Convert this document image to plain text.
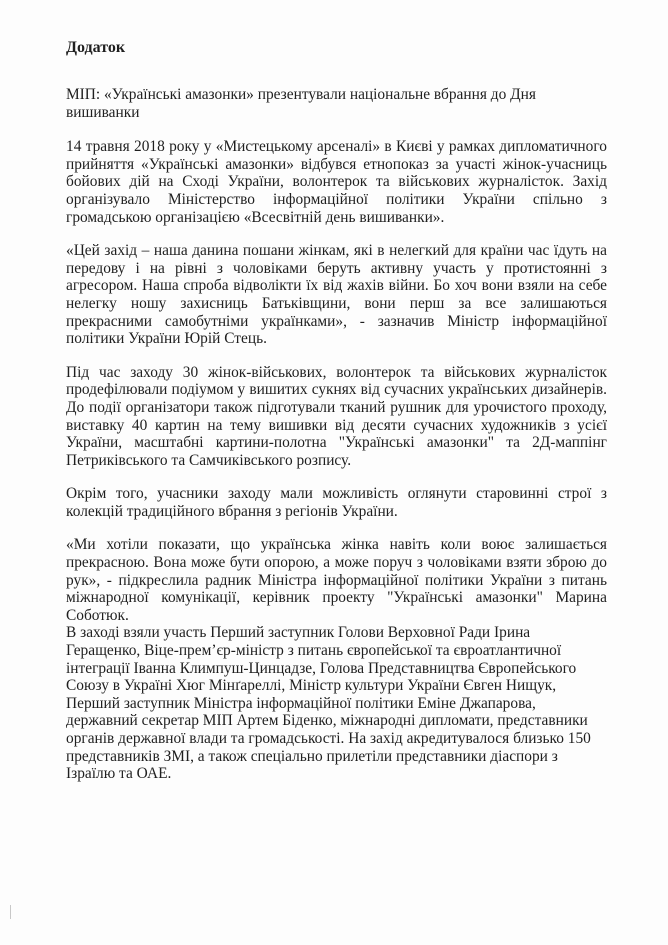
Додаток

МІП: «Українські амазонки» презентували національне вбрання до Дня вишиванки

14 травня 2018 року у «Мистецькому арсеналі» в Києві у рамках дипломатичного прийняття «Українські амазонки» відбувся етнопоказ за участі жінок-учасниць бойових дій на Сході України, волонтерок та військових журналісток. Захід організувало Міністерство інформаційної політики України спільно з громадською організацією «Всесвітній день вишиванки».

«Цей захід – наша данина пошани жінкам, які в нелегкий для країни час їдуть на передову і на рівні з чоловіками беруть активну участь у протистоянні з агресором. Наша спроба відволікти їх від жахів війни. Бо хоч вони взяли на себе нелегку ношу захисниць Батьківщини, вони перш за все залишаються прекрасними самобутніми українками», - зазначив Міністр інформаційної політики України Юрій Стець.

Під час заходу 30 жінок-військових, волонтерок та військових журналісток продефілювали подіумом у вишитих сукнях від сучасних українських дизайнерів. До події організатори також підготували тканий рушник для урочистого проходу, виставку 40 картин на тему вишивки від десяти сучасних художників з усієї України, масштабні картини-полотна "Українські амазонки" та 2Д-маппінг Петриківського та Самчиківського розпису.

Окрім того, учасники заходу мали можливість оглянути старовинні строї з колекцій традиційного вбрання з регіонів України.

«Ми хотіли показати, що українська жінка навіть коли воює залишається прекрасною. Вона може бути опорою, а може поруч з чоловіками взяти зброю до рук», - підкреслила радник Міністра інформаційної політики України з питань міжнародної комунікації, керівник проекту "Українські амазонки" Марина Соботюк.

В заході взяли участь Перший заступник Голови Верховної Ради Ірина Геращенко, Віце-прем’єр-міністр з питань європейської та євроатлантичної інтеграції Іванна Климпуш-Цинцадзе, Голова Представництва Європейського Союзу в Україні Хюг Мінґареллі, Міністр культури України Євген Нищук, Перший заступник Міністра інформаційної політики Еміне Джапарова, державний секретар МІП Артем Біденко, міжнародні дипломати, представники органів державної влади та громадськості. На захід акредитувалося близько 150 представників ЗМІ, а також спеціально прилетіли представники діаспори з Ізраїлю та ОАЕ.
